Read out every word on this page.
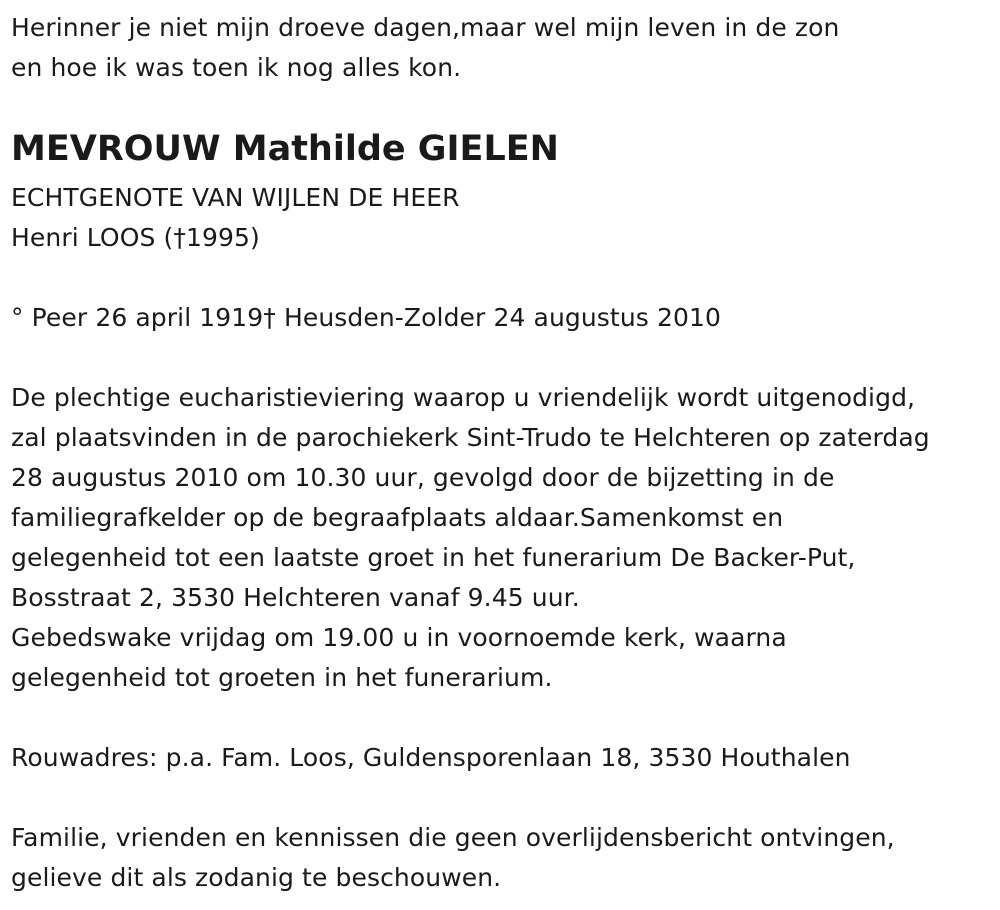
Herinner je niet mijn droeve dagen,maar wel mijn leven in de zon
en hoe ik was toen ik nog alles kon.
MEVROUW Mathilde GIELEN
ECHTGENOTE VAN WIJLEN DE HEER
Henri LOOS (†1995)
° Peer 26 april 1919† Heusden-Zolder 24 augustus 2010
De plechtige eucharistieviering waarop u vriendelijk wordt uitgenodigd,
zal plaatsvinden in de parochiekerk Sint-Trudo te Helchteren op zaterdag
28 augustus 2010 om 10.30 uur, gevolgd door de bijzetting in de
familiegrafkelder op de begraafplaats aldaar.Samenkomst en
gelegenheid tot een laatste groet in het funerarium De Backer-Put,
Bosstraat 2, 3530 Helchteren vanaf 9.45 uur.
Gebedswake vrijdag om 19.00 u in voornoemde kerk, waarna
gelegenheid tot groeten in het funerarium.
Rouwadres: p.a. Fam. Loos, Guldensporenlaan 18, 3530 Houthalen
Familie, vrienden en kennissen die geen overlijdensbericht ontvingen,
gelieve dit als zodanig te beschouwen.
